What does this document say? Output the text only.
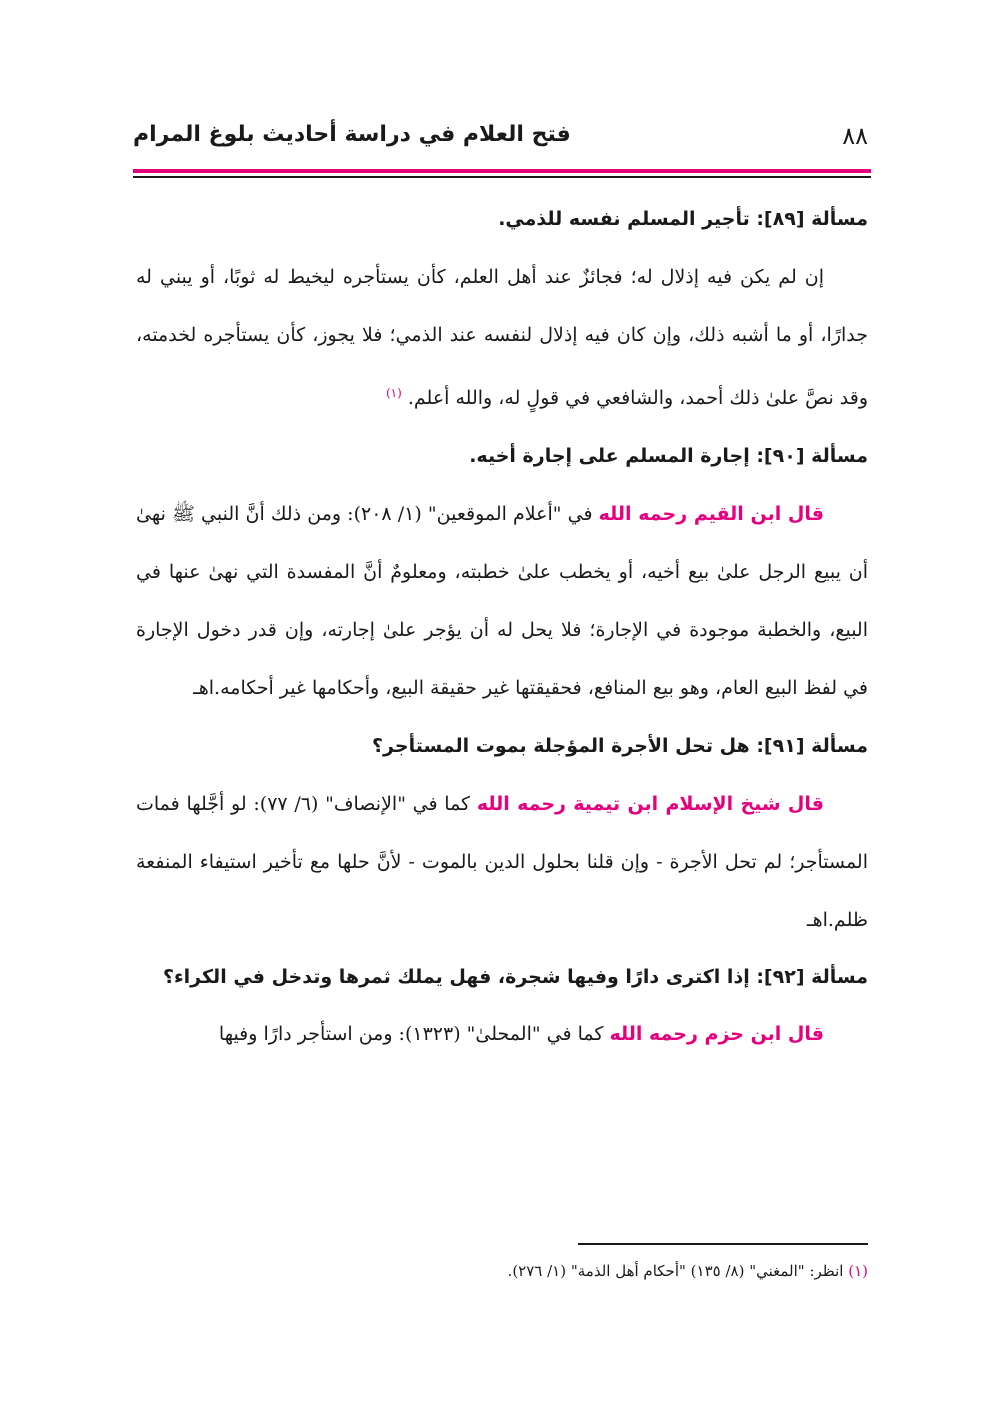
فتح العلام في دراسة أحاديث بلوغ المرام	٨٨
مسألة [٨٩]: تأجير المسلم نفسه للذمي.
إن لم يكن فيه إذلال له؛ فجائزٌ عند أهل العلم، كأن يستأجره ليخيط له ثوبًا، أو يبني له جدارًا، أو ما أشبه ذلك، وإن كان فيه إذلال لنفسه عند الذمي؛ فلا يجوز، كأن يستأجره لخدمته، وقد نصَّ علىٰ ذلك أحمد، والشافعي في قولٍ له، والله أعلم. $^{(١)}$
مسألة [٩٠]: إجارة المسلم على إجارة أخيه.
قال ابن القيم رحمه الله في "أعلام الموقعين" (١/ ٢٠٨): ومن ذلك أنَّ النبي ﷺ نهىٰ أن يبيع الرجل علىٰ بيع أخيه، أو يخطب علىٰ خطبته، ومعلومٌ أنَّ المفسدة التي نهىٰ عنها في البيع، والخطبة موجودة في الإجارة؛ فلا يحل له أن يؤجر علىٰ إجارته، وإن قدر دخول الإجارة في لفظ البيع العام، وهو بيع المنافع، فحقيقتها غير حقيقة البيع، وأحكامها غير أحكامه.اهـ
مسألة [٩١]: هل تحل الأجرة المؤجلة بموت المستأجر؟
قال شيخ الإسلام ابن تيمية رحمه الله كما في "الإنصاف" (٦/ ٧٧): لو أجَّلها فمات المستأجر؛ لم تحل الأجرة - وإن قلنا بحلول الدين بالموت - لأنَّ حلها مع تأخير استيفاء المنفعة ظلم.اهـ
مسألة [٩٢]: إذا اكترى دارًا وفيها شجرة، فهل يملك ثمرها وتدخل في الكراء؟
قال ابن حزم رحمه الله كما في "المحلىٰ" (١٣٢٣): ومن استأجر دارًا وفيها
(١) انظر: "المغني" (٨/ ١٣٥) "أحكام أهل الذمة" (١/ ٢٧٦).
